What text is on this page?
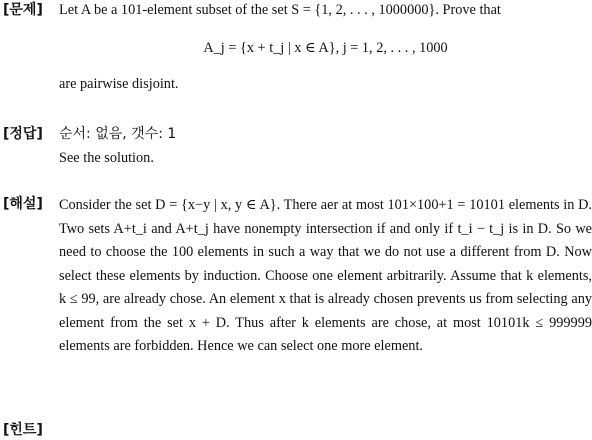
[문제]	Let A be a 101-element subset of the set S = {1, 2, . . . , 1000000}. Prove that
A_j = {x + t_j | x ∈ A}, j = 1, 2, . . . , 1000
are pairwise disjoint.
[정답]	순서: 없음, 갯수: 1
See the solution.
[해설]	Consider the set D = {x−y | x, y ∈ A}. There aer at most 101×100+1 = 10101 elements in D. Two sets A+t_i and A+t_j have nonempty intersection if and only if t_i − t_j is in D. So we need to choose the 100 elements in such a way that we do not use a different from D. Now select these elements by induction. Choose one element arbitrarily. Assume that k elements, k ≤ 99, are already chose. An element x that is already chosen prevents us from selecting any element from the set x + D. Thus after k elements are chose, at most 10101k ≤ 999999 elements are forbidden. Hence we can select one more element.
[힌트]
